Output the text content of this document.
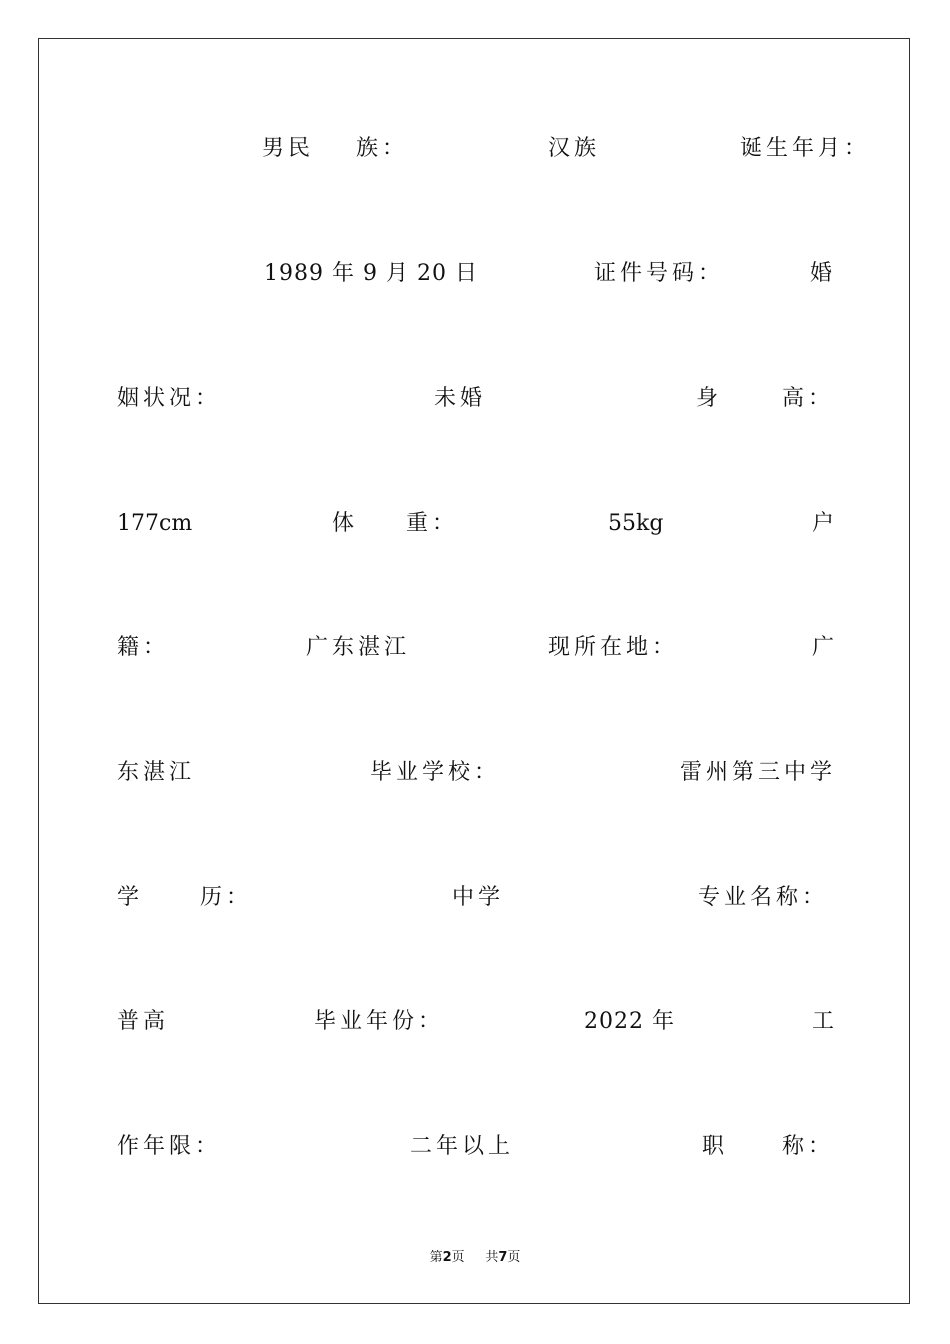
男民 族：	汉族	诞生年月：
1989 年 9 月 20 日	证件号码：	婚
姻状况：	未婚	身	高：
177cm	体 重：	55kg	户
籍：	广东湛江	现所在地：	广
东湛江	毕业学校：	雷州第三中学
学	历：	中学	专业名称：
普高	毕业年份：	2022 年	工
作年限：	二年以上	职 称：
第2页 共7页
